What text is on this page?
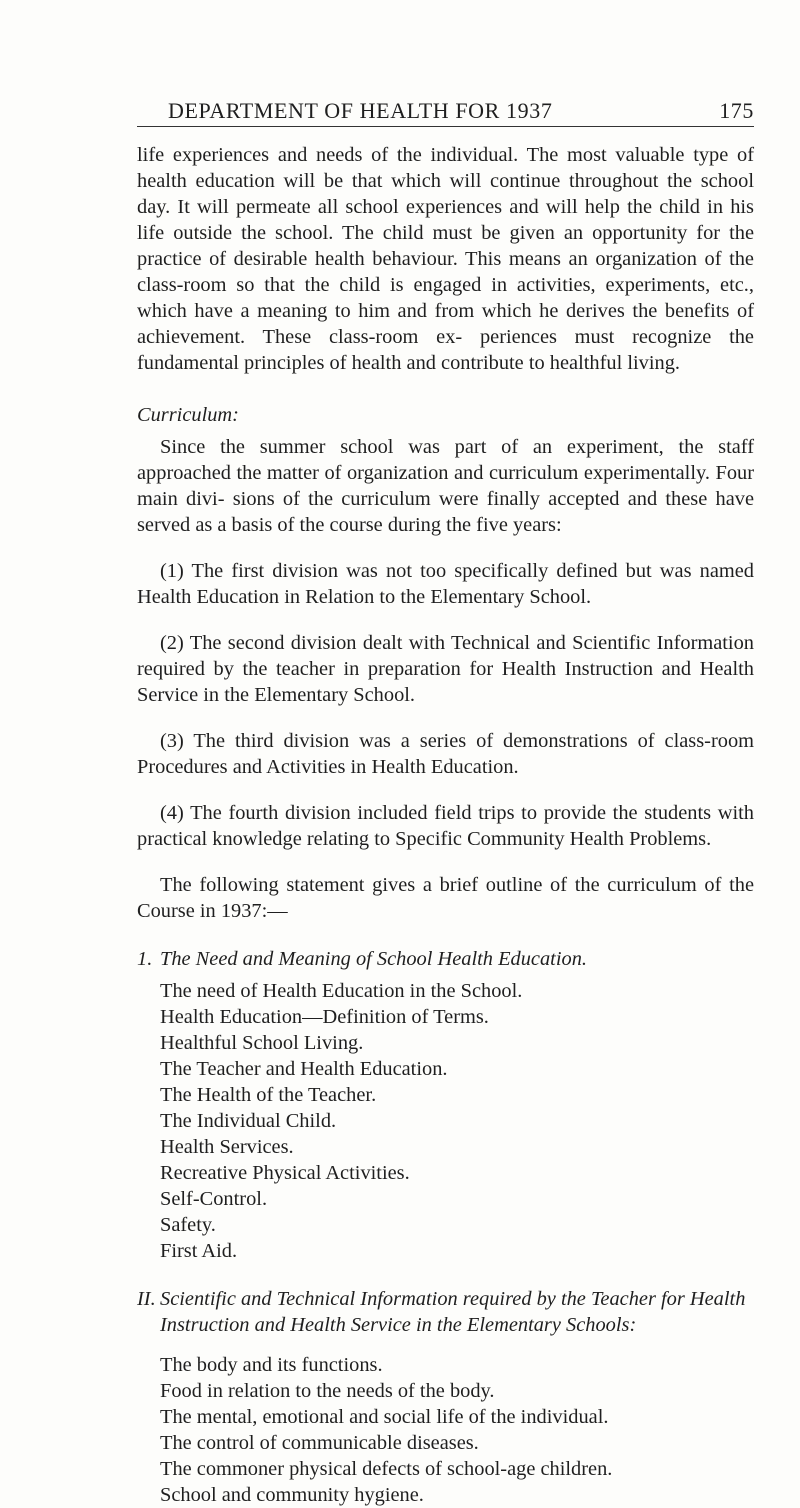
DEPARTMENT OF HEALTH FOR 1937	175

life experiences and needs of the individual. The most valuable type of health education will be that which will continue throughout the school day. It will permeate all school experiences and will help the child in his life outside the school. The child must be given an opportunity for the practice of desirable health behaviour. This means an organization of the class-room so that the child is engaged in activities, experiments, etc., which have a meaning to him and from which he derives the benefits of achievement. These class-room ex- periences must recognize the fundamental principles of health and contribute to healthful living.

Curriculum:

Since the summer school was part of an experiment, the staff approached the matter of organization and curriculum experimentally. Four main divi- sions of the curriculum were finally accepted and these have served as a basis of the course during the five years:

(1) The first division was not too specifically defined but was named Health Education in Relation to the Elementary School.

(2) The second division dealt with Technical and Scientific Information required by the teacher in preparation for Health Instruction and Health Service in the Elementary School.

(3) The third division was a series of demonstrations of class-room Procedures and Activities in Health Education.

(4) The fourth division included field trips to provide the students with practical knowledge relating to Specific Community Health Problems.

The following statement gives a brief outline of the curriculum of the Course in 1937:—

1. The Need and Meaning of School Health Education.
The need of Health Education in the School.
Health Education—Definition of Terms.
Healthful School Living.
The Teacher and Health Education.
The Health of the Teacher.
The Individual Child.
Health Services.
Recreative Physical Activities.
Self-Control.
Safety.
First Aid.
II. Scientific and Technical Information required by the Teacher for Health Instruction and Health Service in the Elementary Schools:
The body and its functions.
Food in relation to the needs of the body.
The mental, emotional and social life of the individual.
The control of communicable diseases.
The commoner physical defects of school-age children.
School and community hygiene.
